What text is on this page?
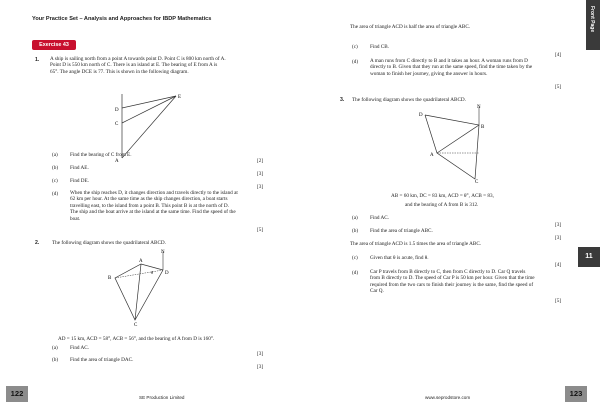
Your Practice Set – Analysis and Approaches for IBDP Mathematics
Exercise 43
Front Page
11
1. A ship is sailing north from a point A towards point D. Point C is 800 km north of A.
Point D is 550 km north of C. There is an island at E. The bearing of E from A is
65°. The angle DCE is 77. This is shown in the following diagram.
D
C
A
E
(a) Find the bearing of C from E.
[2]
(b) Find AE.
[3]
(c) Find DE.
[3]
(d) When the ship reaches D, it changes direction and travels directly to the island at
62 km per hour. At the same time as the ship changes direction, a boat starts
travelling east, to the island from a point B. This point B is at the north of D.
The ship and the boat arrive at the island at the same time. Find the speed of the
boat.
[5]
2. The following diagram shows the quadrilateral ABCD.
N
A
B
D
C
θ
AD = 15 km, ACD = 58°, ACB = 56°, and the bearing of A from D is 160°.
(a) Find AC.
[3]
(b) Find the area of triangle DAC.
[3]
The area of triangle ACD is half the area of triangle ABC.
(c) Find CB.
[4]
(d) A man runs from C directly to B and it takes an hour. A woman runs from D
directly to B. Given that they run at the same speed, find the time taken by the
woman to finish her journey, giving the answer in hours.
[5]
3. The following diagram shows the quadrilateral ABCD.
N
D
A
B
C
AB = 60 km, DC = 83 km, ACD = θ°, ACB = 83,
and the bearing of A from B is 312.
(a) Find AC.
[3]
(b) Find the area of triangle ABC.
[3]
The area of triangle ACD is 1.5 times the area of triangle ABC.
(c) Given that θ is acute, find θ.
[4]
(d) Car P travels from B directly to C, then from C directly to D. Car Q travels
from B directly to D. The speed of Car P is 50 km per hour. Given that the time
required from the two cars to finish their journey is the same, find the speed of
Car Q.
[5]
122	123
SE Production Limited	www.seprodstore.com
